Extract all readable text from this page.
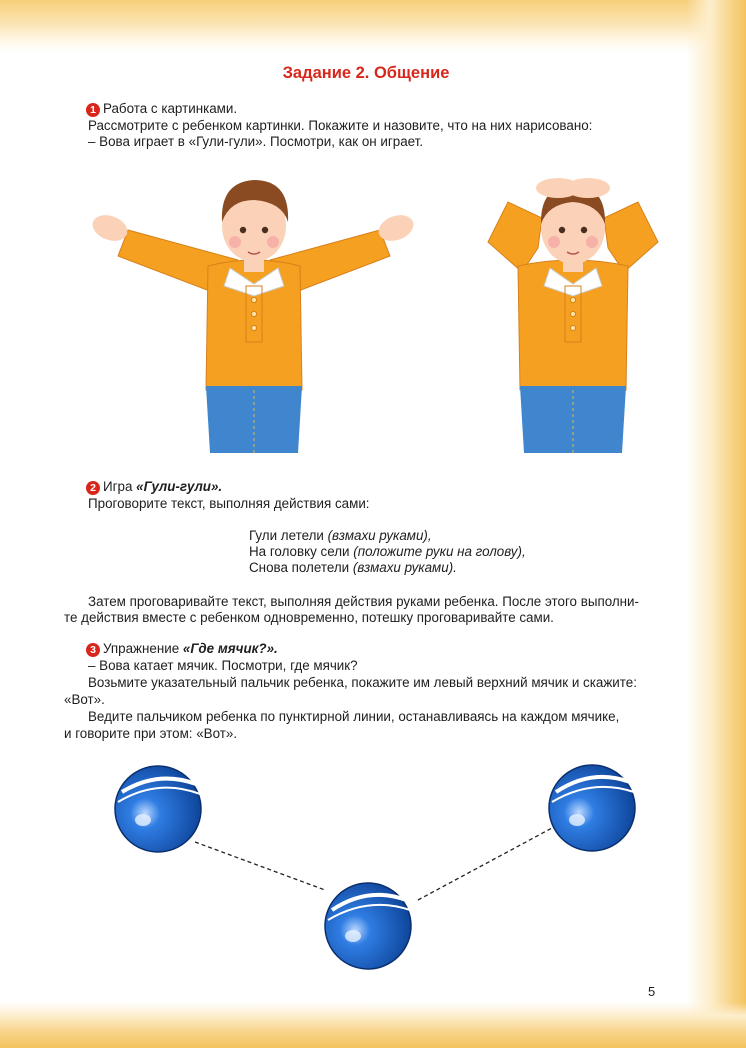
Задание 2. Общение
1 Работа с картинками.
Рассмотрите с ребенком картинки. Покажите и назовите, что на них нарисовано:
– Вова играет в «Гули-гули». Посмотри, как он играет.
2 Игра «Гули-гули».
Проговорите текст, выполняя действия сами:
Гули летели (взмахи руками),
На головку сели (положите руки на голову),
Снова полетели (взмахи руками).
Затем проговаривайте текст, выполняя действия руками ребенка. После этого выполни-
те действия вместе с ребенком одновременно, потешку проговаривайте сами.
3 Упражнение «Где мячик?».
– Вова катает мячик. Посмотри, где мячик?
Возьмите указательный пальчик ребенка, покажите им левый верхний мячик и скажите:
«Вот».
Ведите пальчиком ребенка по пунктирной линии, останавливаясь на каждом мячике,
и говорите при этом: «Вот».
5
